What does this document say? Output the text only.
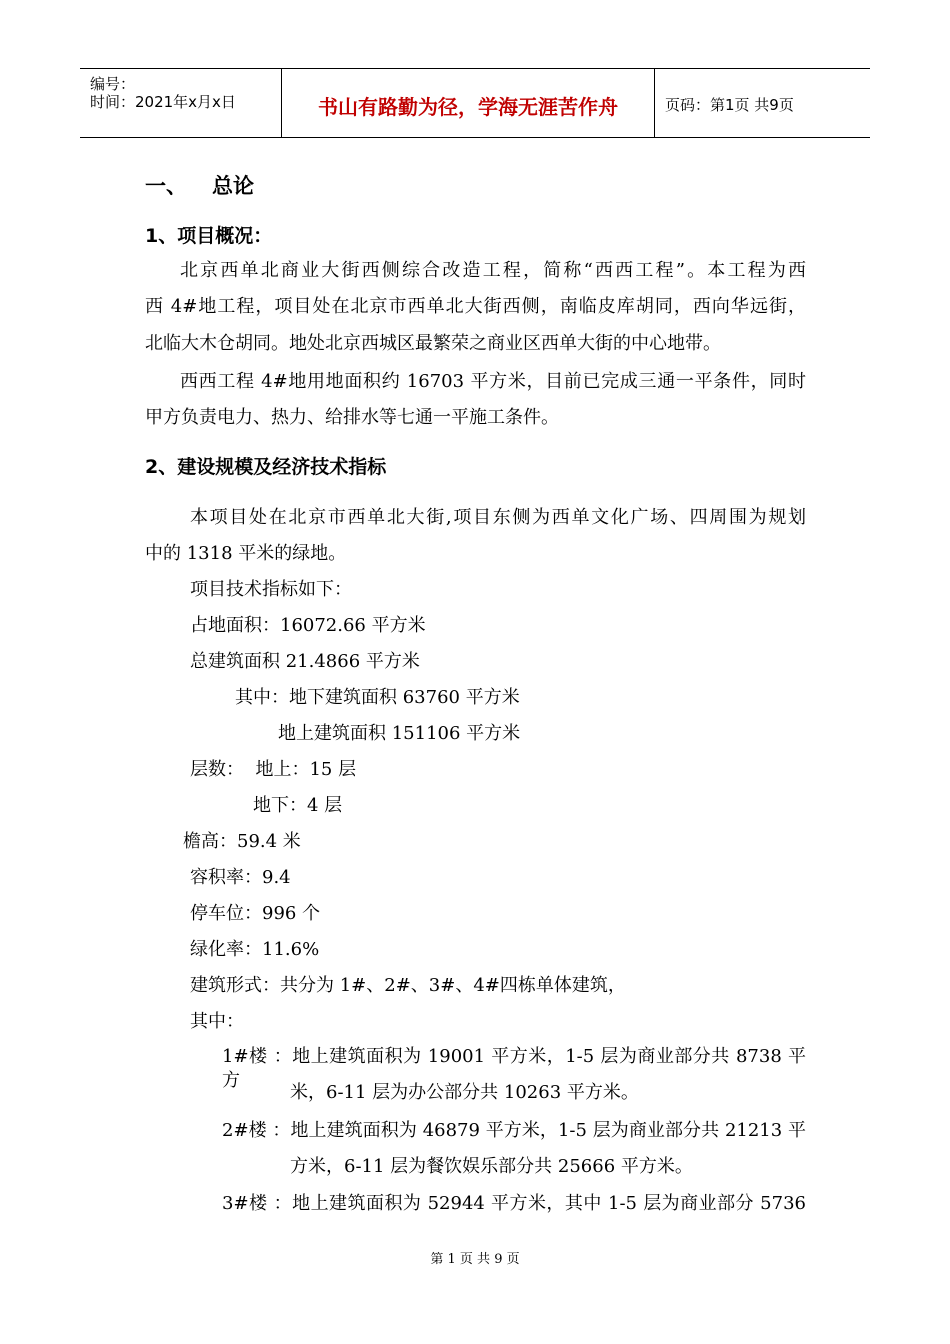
编号：
时间：2021年x月x日	书山有路勤为径，学海无涯苦作舟	页码：第1页 共9页
一、 总论
1、项目概况：
北京西单北商业大街西侧综合改造工程，简称“西西工程”。本工程为西
西 4#地工程，项目处在北京市西单北大街西侧，南临皮库胡同，西向华远街，
北临大木仓胡同。地处北京西城区最繁荣之商业区西单大街的中心地带。
西西工程 4#地用地面积约 16703 平方米，目前已完成三通一平条件，同时
甲方负责电力、热力、给排水等七通一平施工条件。
2、建设规模及经济技术指标
本项目处在北京市西单北大街,项目东侧为西单文化广场、四周围为规划
中的 1318 平米的绿地。
项目技术指标如下：
占地面积：16072.66 平方米
总建筑面积 21.4866 平方米
其中：地下建筑面积 63760 平方米
地上建筑面积 151106 平方米
层数：  地上：15 层
地下：4 层
檐高：59.4 米
容积率：9.4
停车位：996 个
绿化率：11.6%
建筑形式：共分为 1#、2#、3#、4#四栋单体建筑，
其中：
1#楼 ：地上建筑面积为 19001 平方米，1-5 层为商业部分共 8738 平方
米，6-11 层为办公部分共 10263 平方米。
2#楼 ：地上建筑面积为 46879 平方米，1-5 层为商业部分共 21213 平
方米，6-11 层为餐饮娱乐部分共 25666 平方米。
3#楼 ：地上建筑面积为 52944 平方米，其中 1-5 层为商业部分 5736
第 1 页 共 9 页
